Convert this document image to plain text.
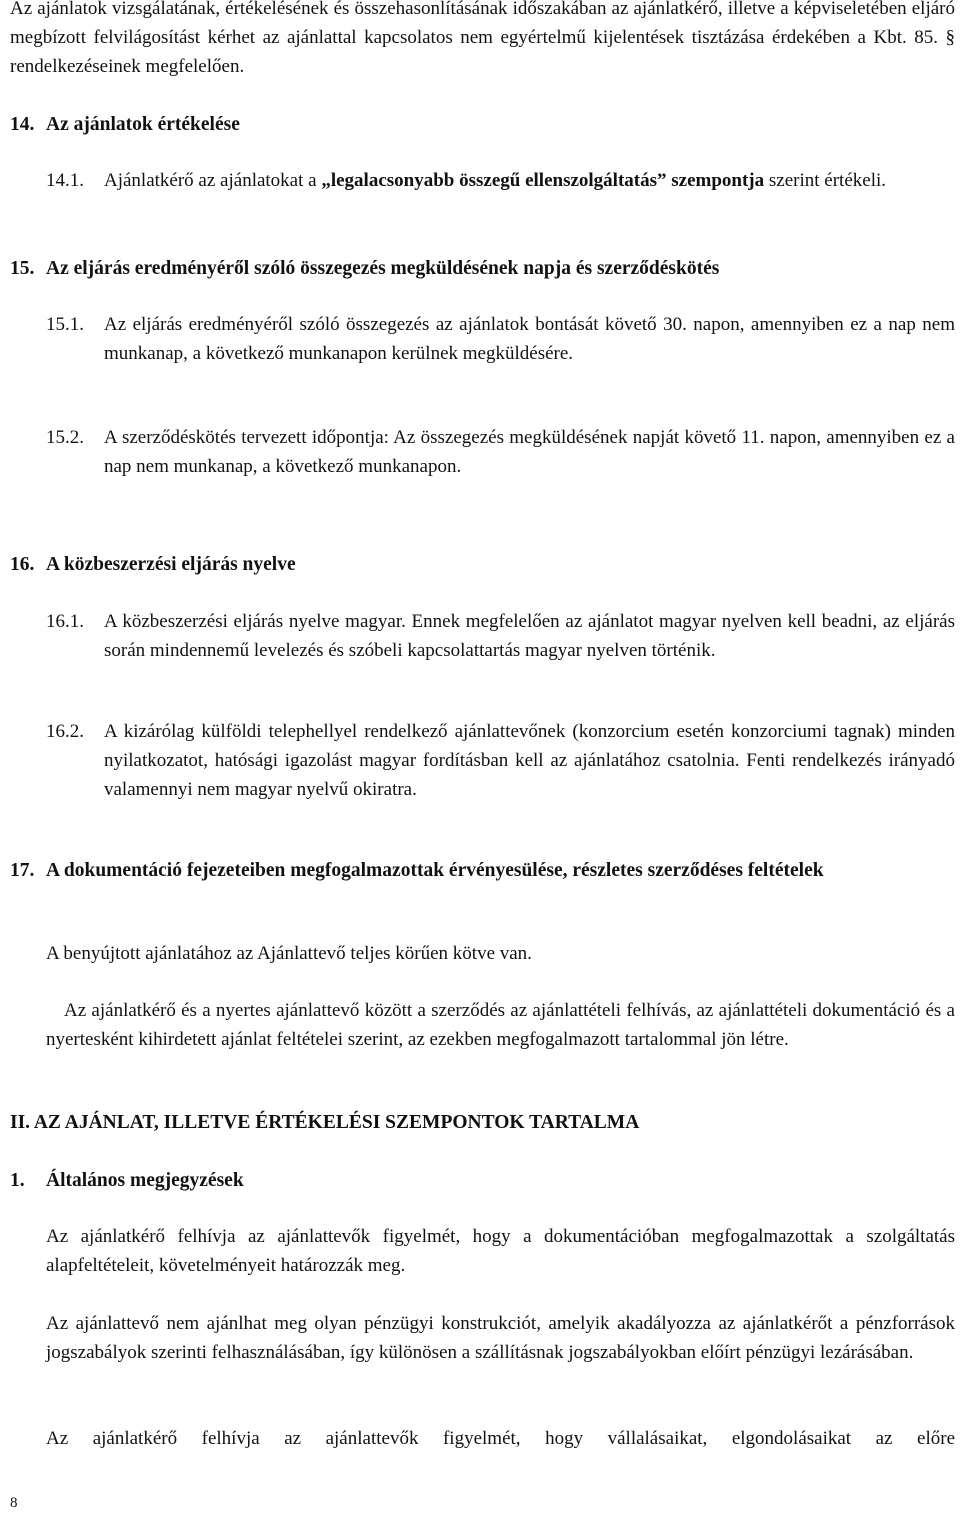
Az ajánlatok vizsgálatának, értékelésének és összehasonlításának időszakában az ajánlatkérő, illetve a képviseletében eljáró megbízott felvilágosítást kérhet az ajánlattal kapcsolatos nem egyértelmű kijelentések tisztázása érdekében a Kbt. 85. § rendelkezéseinek megfelelően.

14. Az ajánlatok értékelése
14.1. Ajánlatkérő az ajánlatokat a „legalacsonyabb összegű ellenszolgáltatás” szempontja szerint értékeli.
15. Az eljárás eredményéről szóló összegezés megküldésének napja és szerződéskötés
15.1. Az eljárás eredményéről szóló összegezés az ajánlatok bontását követő 30. napon, amennyiben ez a nap nem munkanap, a következő munkanapon kerülnek megküldésére.
15.2. A szerződéskötés tervezett időpontja: Az összegezés megküldésének napját követő 11. napon, amennyiben ez a nap nem munkanap, a következő munkanapon.
16. A közbeszerzési eljárás nyelve
16.1. A közbeszerzési eljárás nyelve magyar. Ennek megfelelően az ajánlatot magyar nyelven kell beadni, az eljárás során mindennemű levelezés és szóbeli kapcsolattartás magyar nyelven történik.
16.2. A kizárólag külföldi telephellyel rendelkező ajánlattevőnek (konzorcium esetén konzorciumi tagnak) minden nyilatkozatot, hatósági igazolást magyar fordításban kell az ajánlatához csatolnia. Fenti rendelkezés irányadó valamennyi nem magyar nyelvű okiratra.
17. A dokumentáció fejezeteiben megfogalmazottak érvényesülése, részletes szerződéses feltételek

A benyújtott ajánlatához az Ajánlattevő teljes körűen kötve van.

Az ajánlatkérő és a nyertes ajánlattevő között a szerződés az ajánlattételi felhívás, az ajánlattételi dokumentáció és a nyertesként kihirdetett ajánlat feltételei szerint, az ezekben megfogalmazott tartalommal jön létre.

II. AZ AJÁNLAT, ILLETVE ÉRTÉKELÉSI SZEMPONTOK TARTALMA
1. Általános megjegyzések

Az ajánlatkérő felhívja az ajánlattevők figyelmét, hogy a dokumentációban megfogalmazottak a szolgáltatás alapfeltételeit, követelményeit határozzák meg.

Az ajánlattevő nem ajánlhat meg olyan pénzügyi konstrukciót, amelyik akadályozza az ajánlatkérőt a pénzforrások jogszabályok szerinti felhasználásában, így különösen a szállításnak jogszabályokban előírt pénzügyi lezárásában.

Az ajánlatkérő felhívja az ajánlattevők figyelmét, hogy vállalásaikat, elgondolásaikat az előre

8
